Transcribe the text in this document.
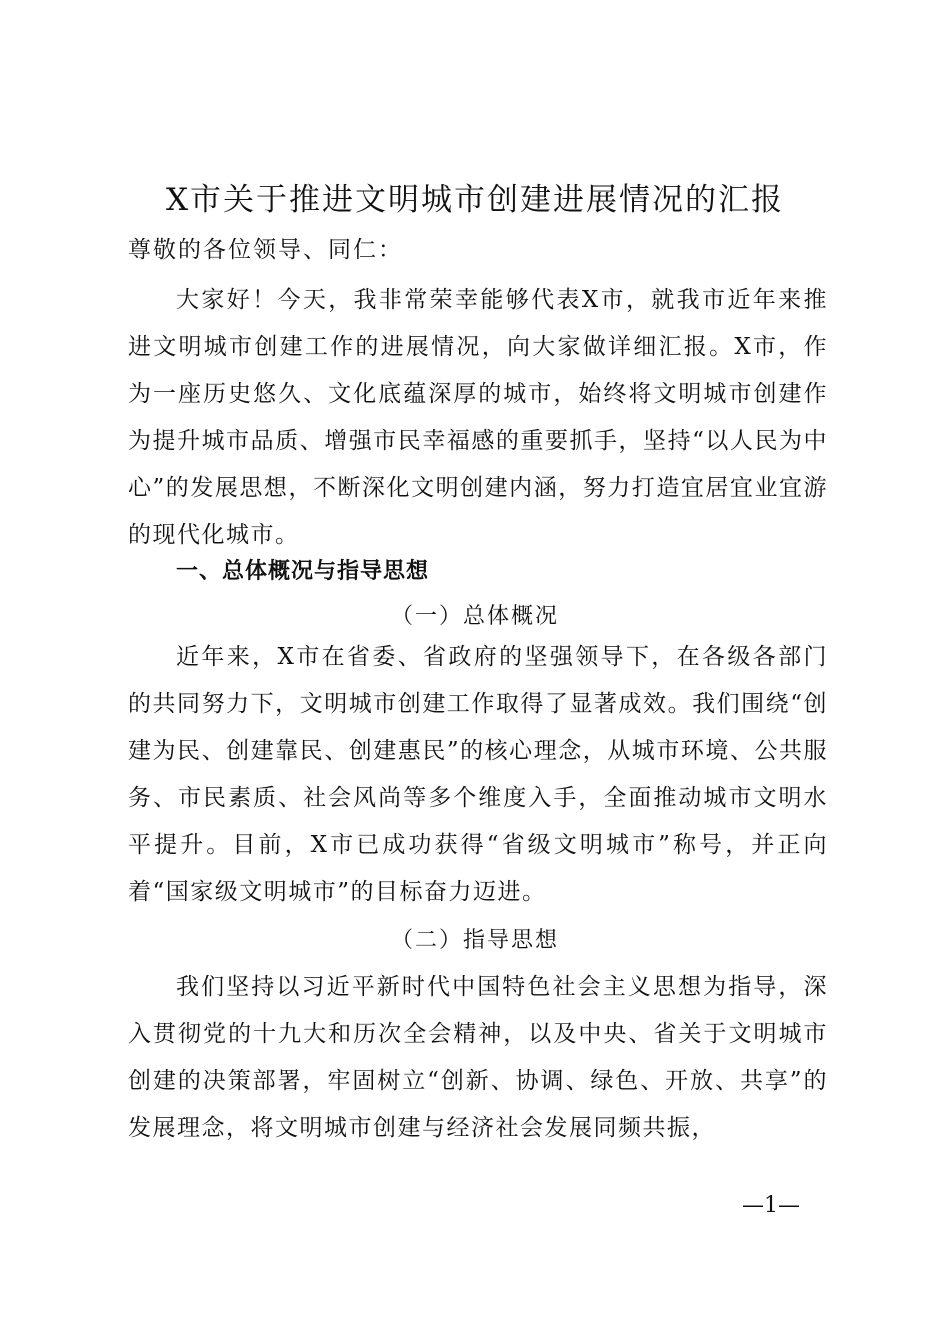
X市关于推进文明城市创建进展情况的汇报
尊敬的各位领导、同仁：

大家好！今天，我非常荣幸能够代表X市，就我市近年来推进文明城市创建工作的进展情况，向大家做详细汇报。X市，作为一座历史悠久、文化底蕴深厚的城市，始终将文明城市创建作为提升城市品质、增强市民幸福感的重要抓手，坚持“以人民为中心”的发展思想，不断深化文明创建内涵，努力打造宜居宜业宜游的现代化城市。

一、总体概况与指导思想
（一）总体概况

近年来，X市在省委、省政府的坚强领导下，在各级各部门的共同努力下，文明城市创建工作取得了显著成效。我们围绕“创建为民、创建靠民、创建惠民”的核心理念，从城市环境、公共服务、市民素质、社会风尚等多个维度入手，全面推动城市文明水平提升。目前，X市已成功获得“省级文明城市”称号，并正向着“国家级文明城市”的目标奋力迈进。

（二）指导思想

我们坚持以习近平新时代中国特色社会主义思想为指导，深入贯彻党的十九大和历次全会精神，以及中央、省关于文明城市创建的决策部署，牢固树立“创新、协调、绿色、开放、共享”的发展理念，将文明城市创建与经济社会发展同频共振，

—1—
